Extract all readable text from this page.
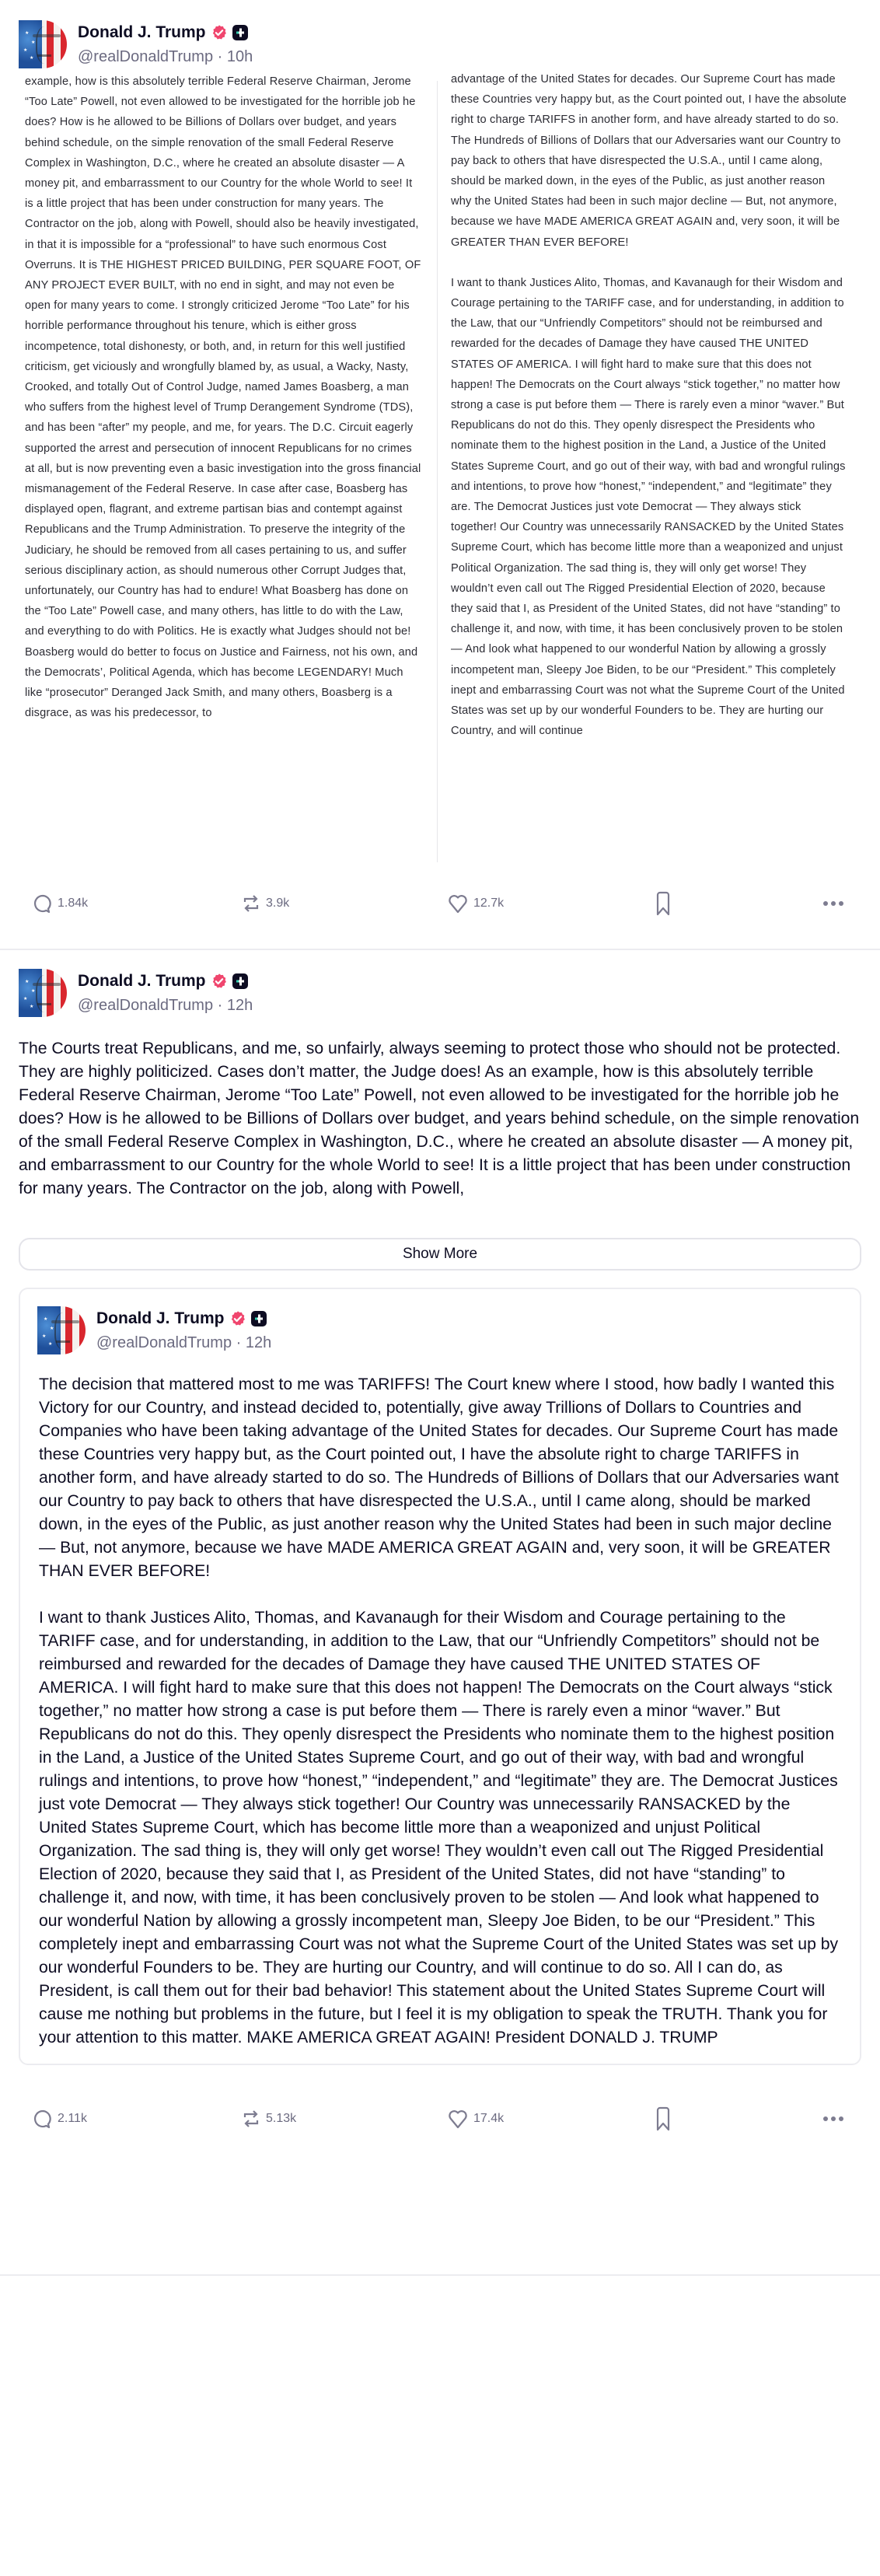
★
★
★
★
Donald J. Trump
@realDonaldTrump · 10h

example, how is this absolutely terrible Federal Reserve Chairman, Jerome “Too Late” Powell, not even allowed to be investigated for the horrible job he does? How is he allowed to be Billions of Dollars over budget, and years behind schedule, on the simple renovation of the small Federal Reserve Complex in Washington, D.C., where he created an absolute disaster — A money pit, and embarrassment to our Country for the whole World to see! It is a little project that has been under construction for many years. The Contractor on the job, along with Powell, should also be heavily investigated, in that it is impossible for a “professional” to have such enormous Cost Overruns. It is THE HIGHEST PRICED BUILDING, PER SQUARE FOOT, OF ANY PROJECT EVER BUILT, with no end in sight, and may not even be open for many years to come. I strongly criticized Jerome “Too Late” for his horrible performance throughout his tenure, which is either gross incompetence, total dishonesty, or both, and, in return for this well justified criticism, get viciously and wrongfully blamed by, as usual, a Wacky, Nasty, Crooked, and totally Out of Control Judge, named James Boasberg, a man who suffers from the highest level of Trump Derangement Syndrome (TDS), and has been “after” my people, and me, for years. The D.C. Circuit eagerly supported the arrest and persecution of innocent Republicans for no crimes at all, but is now preventing even a basic investigation into the gross financial mismanagement of the Federal Reserve. In case after case, Boasberg has displayed open, flagrant, and extreme partisan bias and contempt against Republicans and the Trump Administration. To preserve the integrity of the Judiciary, he should be removed from all cases pertaining to us, and suffer serious disciplinary action, as should numerous other Corrupt Judges that, unfortunately, our Country has had to endure! What Boasberg has done on the “Too Late” Powell case, and many others, has little to do with the Law, and everything to do with Politics. He is exactly what Judges should not be! Boasberg would do better to focus on Justice and Fairness, not his own, and the Democrats’, Political Agenda, which has become LEGENDARY! Much like “prosecutor” Deranged Jack Smith, and many others, Boasberg is a disgrace, as was his predecessor, to

advantage of the United States for decades. Our Supreme Court has made these Countries very happy but, as the Court pointed out, I have the absolute right to charge TARIFFS in another form, and have already started to do so. The Hundreds of Billions of Dollars that our Adversaries want our Country to pay back to others that have disrespected the U.S.A., until I came along, should be marked down, in the eyes of the Public, as just another reason why the United States had been in such major decline — But, not anymore, because we have MADE AMERICA GREAT AGAIN and, very soon, it will be GREATER THAN EVER BEFORE!

I want to thank Justices Alito, Thomas, and Kavanaugh for their Wisdom and Courage pertaining to the TARIFF case, and for understanding, in addition to the Law, that our “Unfriendly Competitors” should not be reimbursed and rewarded for the decades of Damage they have caused THE UNITED STATES OF AMERICA. I will fight hard to make sure that this does not happen! The Democrats on the Court always “stick together,” no matter how strong a case is put before them — There is rarely even a minor “waver.” But Republicans do not do this. They openly disrespect the Presidents who nominate them to the highest position in the Land, a Justice of the United States Supreme Court, and go out of their way, with bad and wrongful rulings and intentions, to prove how “honest,” “independent,” and “legitimate” they are. The Democrat Justices just vote Democrat — They always stick together! Our Country was unnecessarily RANSACKED by the United States Supreme Court, which has become little more than a weaponized and unjust Political Organization. The sad thing is, they will only get worse! They wouldn’t even call out The Rigged Presidential Election of 2020, because they said that I, as President of the United States, did not have “standing” to challenge it, and now, with time, it has been conclusively proven to be stolen — And look what happened to our wonderful Nation by allowing a grossly incompetent man, Sleepy Joe Biden, to be our “President.” This completely inept and embarrassing Court was not what the Supreme Court of the United States was set up by our wonderful Founders to be. They are hurting our Country, and will continue

1.84k	3.9k	12.7k
★
★
★
★
Donald J. Trump
@realDonaldTrump · 12h
The Courts treat Republicans, and me, so unfairly, always seeming to protect those who should not be protected. They are highly politicized. Cases don’t matter, the Judge does! As an example, how is this absolutely terrible Federal Reserve Chairman, Jerome “Too Late” Powell, not even allowed to be investigated for the horrible job he does? How is he allowed to be Billions of Dollars over budget, and years behind schedule, on the simple renovation of the small Federal Reserve Complex in Washington, D.C., where he created an absolute disaster — A money pit, and embarrassment to our Country for the whole World to see! It is a little project that has been under construction for many years. The Contractor on the job, along with Powell,
Show More
★
★
★
★
Donald J. Trump
@realDonaldTrump · 12h

The decision that mattered most to me was TARIFFS! The Court knew where I stood, how badly I wanted this Victory for our Country, and instead decided to, potentially, give away Trillions of Dollars to Countries and Companies who have been taking advantage of the United States for decades. Our Supreme Court has made these Countries very happy but, as the Court pointed out, I have the absolute right to charge TARIFFS in another form, and have already started to do so. The Hundreds of Billions of Dollars that our Adversaries want our Country to pay back to others that have disrespected the U.S.A., until I came along, should be marked down, in the eyes of the Public, as just another reason why the United States had been in such major decline — But, not anymore, because we have MADE AMERICA GREAT AGAIN and, very soon, it will be GREATER THAN EVER BEFORE!

I want to thank Justices Alito, Thomas, and Kavanaugh for their Wisdom and Courage pertaining to the TARIFF case, and for understanding, in addition to the Law, that our “Unfriendly Competitors” should not be reimbursed and rewarded for the decades of Damage they have caused THE UNITED STATES OF AMERICA. I will fight hard to make sure that this does not happen! The Democrats on the Court always “stick together,” no matter how strong a case is put before them — There is rarely even a minor “waver.” But Republicans do not do this. They openly disrespect the Presidents who nominate them to the highest position in the Land, a Justice of the United States Supreme Court, and go out of their way, with bad and wrongful rulings and intentions, to prove how “honest,” “independent,” and “legitimate” they are. The Democrat Justices just vote Democrat — They always stick together! Our Country was unnecessarily RANSACKED by the United States Supreme Court, which has become little more than a weaponized and unjust Political Organization. The sad thing is, they will only get worse! They wouldn’t even call out The Rigged Presidential Election of 2020, because they said that I, as President of the United States, did not have “standing” to challenge it, and now, with time, it has been conclusively proven to be stolen — And look what happened to our wonderful Nation by allowing a grossly incompetent man, Sleepy Joe Biden, to be our “President.” This completely inept and embarrassing Court was not what the Supreme Court of the United States was set up by our wonderful Founders to be. They are hurting our Country, and will continue to do so. All I can do, as President, is call them out for their bad behavior! This statement about the United States Supreme Court will cause me nothing but problems in the future, but I feel it is my obligation to speak the TRUTH. Thank you for your attention to this matter. MAKE AMERICA GREAT AGAIN! President DONALD J. TRUMP

2.11k	5.13k	17.4k
